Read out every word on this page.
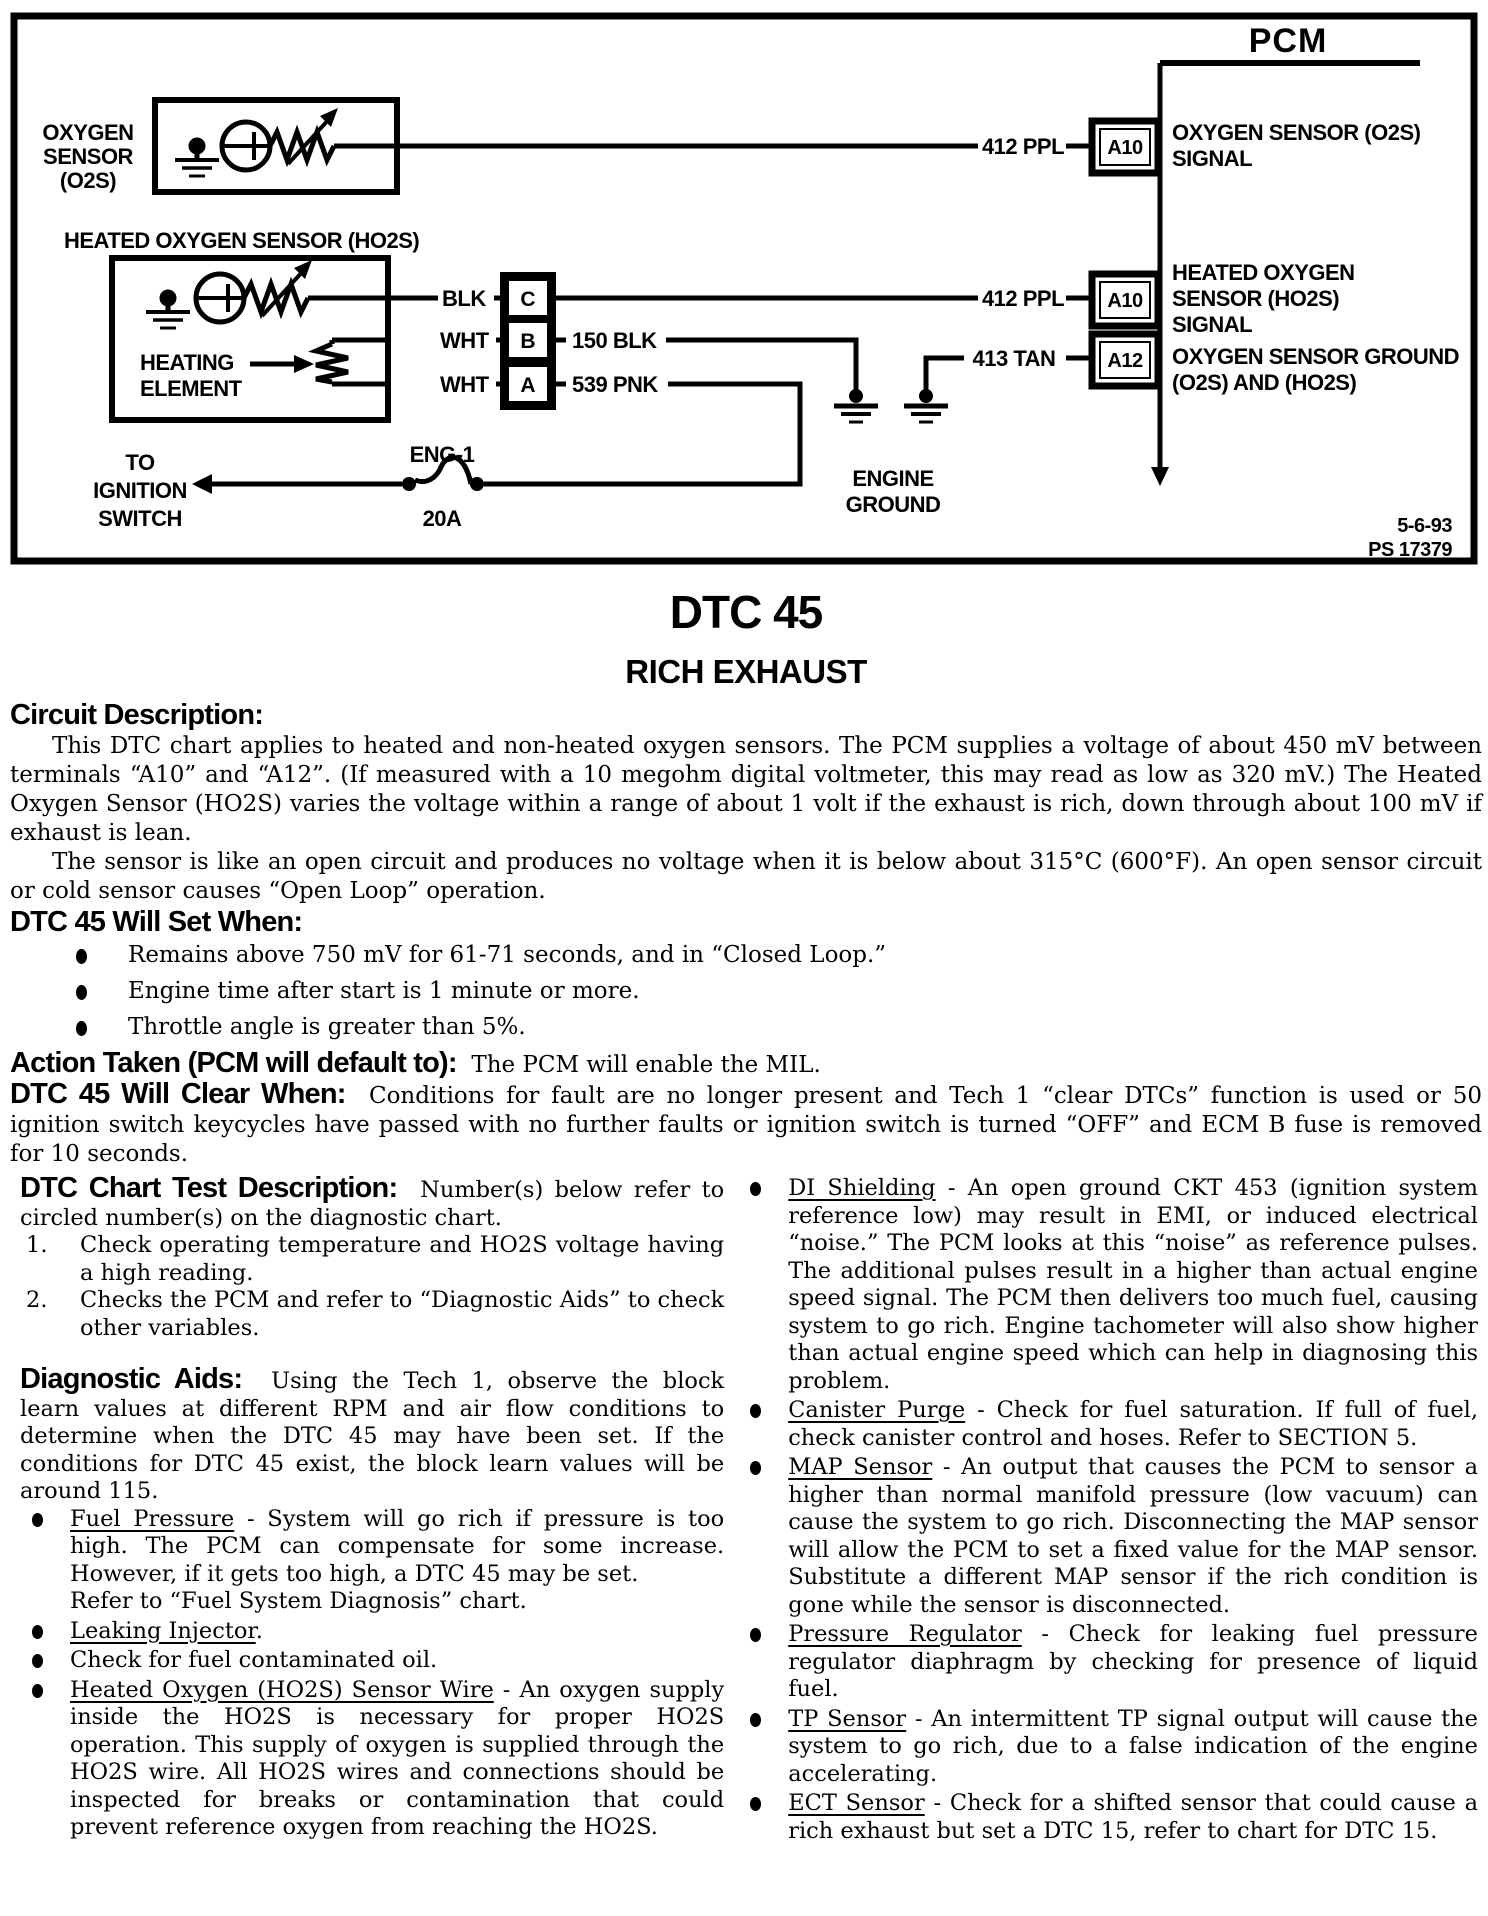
PCM
OXYGEN
SENSOR
(O2S)
412 PPL A10
OXYGEN SENSOR (O2S)
SIGNAL
HEATED OXYGEN SENSOR (HO2S)
HEATING
ELEMENT
BLK
WHT
WHT
C
B
A
412 PPL A10
HEATED OXYGEN
SENSOR (HO2S)
SIGNAL
150 BLK
539 PNK
ENG-1
20A
TO
IGNITION
SWITCH
413 TAN	A12 OXYGEN SENSOR GROUND
(O2S) AND (HO2S)
ENGINE
GROUND
5-6-93
PS 17379
DTC 45
RICH EXHAUST
Circuit Description:

This DTC chart applies to heated and non-heated oxygen sensors. The PCM supplies a voltage of about 450 mV between terminals “A10” and “A12”. (If measured with a 10 megohm digital voltmeter, this may read as low as 320 mV.) The Heated Oxygen Sensor (HO2S) varies the voltage within a range of about 1 volt if the exhaust is rich, down through about 100 mV if exhaust is lean.

The sensor is like an open circuit and produces no voltage when it is below about 315°C (600°F). An open sensor circuit or cold sensor causes “Open Loop” operation.

DTC 45 Will Set When:
Remains above 750 mV for 61-71 seconds, and in “Closed Loop.”
Engine time after start is 1 minute or more.
Throttle angle is greater than 5%.

Action Taken (PCM will default to): The PCM will enable the MIL.

DTC 45 Will Clear When: Conditions for fault are no longer present and Tech 1 “clear DTCs” function is used or 50 ignition switch keycycles have passed with no further faults or ignition switch is turned “OFF” and ECM B fuse is removed for 10 seconds.

DTC Chart Test Description: Number(s) below refer to circled number(s) on the diagnostic chart.

1. Check operating temperature and HO2S voltage having a high reading.
2. Checks the PCM and refer to “Diagnostic Aids” to check other variables.

Diagnostic Aids: Using the Tech 1, observe the block learn values at different RPM and air flow conditions to determine when the DTC 45 may have been set. If the conditions for DTC 45 exist, the block learn values will be around 115.

Fuel Pressure - System will go rich if pressure is too high. The PCM can compensate for some increase. However, if it gets too high, a DTC 45 may be set.
Refer to “Fuel System Diagnosis” chart.
Leaking Injector.
Check for fuel contaminated oil.
Heated Oxygen (HO2S) Sensor Wire - An oxygen supply inside the HO2S is necessary for proper HO2S operation. This supply of oxygen is supplied through the HO2S wire. All HO2S wires and connections should be inspected for breaks or contamination that could prevent reference oxygen from reaching the HO2S.
DI Shielding - An open ground CKT 453 (ignition system reference low) may result in EMI, or induced electrical “noise.” The PCM looks at this “noise” as reference pulses. The additional pulses result in a higher than actual engine speed signal. The PCM then delivers too much fuel, causing system to go rich. Engine tachometer will also show higher than actual engine speed which can help in diagnosing this problem.
Canister Purge - Check for fuel saturation. If full of fuel, check canister control and hoses. Refer to SECTION 5.
MAP Sensor - An output that causes the PCM to sensor a higher than normal manifold pressure (low vacuum) can cause the system to go rich. Disconnecting the MAP sensor will allow the PCM to set a fixed value for the MAP sensor. Substitute a different MAP sensor if the rich condition is gone while the sensor is disconnected.
Pressure Regulator - Check for leaking fuel pressure regulator diaphragm by checking for presence of liquid fuel.
TP Sensor - An intermittent TP signal output will cause the system to go rich, due to a false indication of the engine accelerating.
ECT Sensor - Check for a shifted sensor that could cause a rich exhaust but set a DTC 15, refer to chart for DTC 15.
